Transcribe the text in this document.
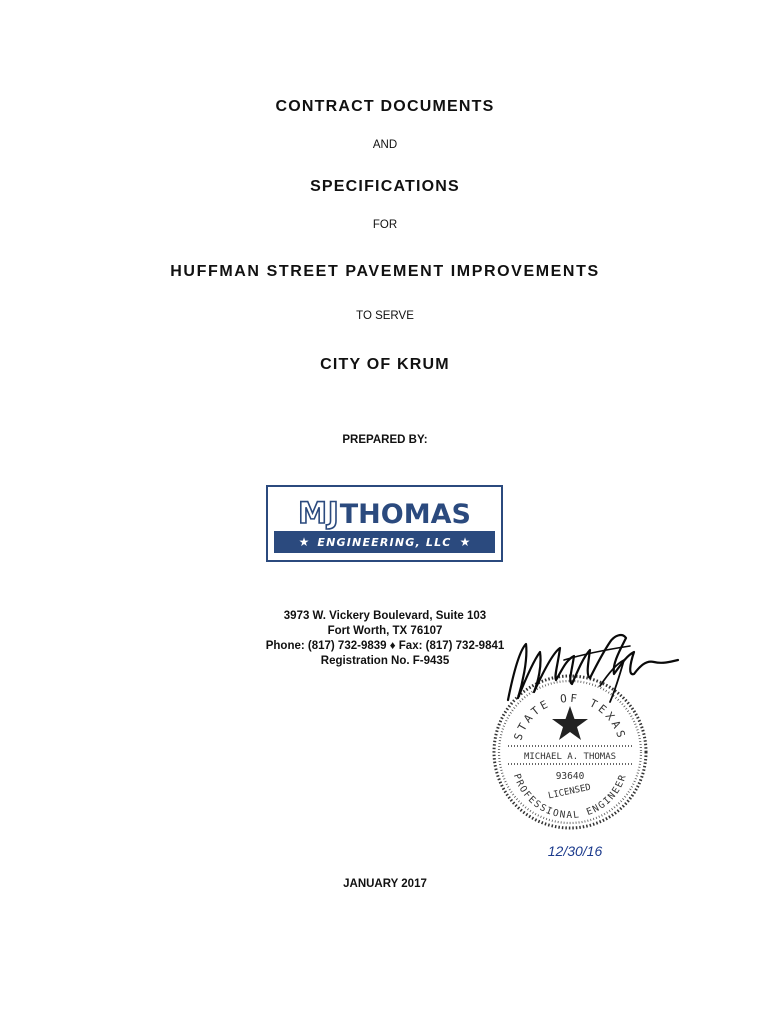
CONTRACT DOCUMENTS
AND
SPECIFICATIONS
FOR
HUFFMAN STREET PAVEMENT IMPROVEMENTS
TO SERVE
CITY OF KRUM
PREPARED BY:
MJTHOMAS
★ ENGINEERING, LLC ★
3973 W. Vickery Boulevard, Suite 103
Fort Worth, TX 76107
Phone: (817) 732-9839 ♦ Fax: (817) 732-9841
Registration No. F-9435
STATE OF TEXAS
PROFESSIONAL ENGINEER
MICHAEL A. THOMAS
93640
LICENSED
12/30/16
JANUARY 2017
